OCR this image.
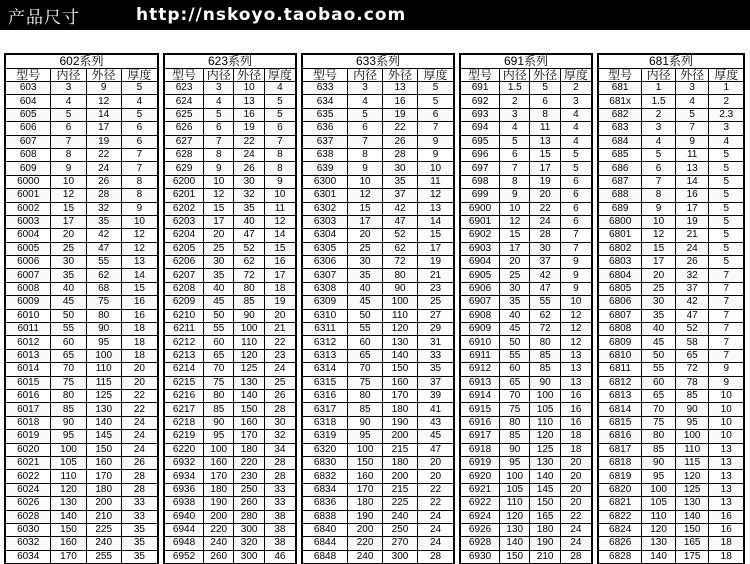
产品尺寸	http://nskoyo.taobao.com
602系列			
型号	内径	外径	厚度
603	3	9	5
604	4	12	4
605	5	14	5
606	6	17	6
607	7	19	6
608	8	22	7
609	9	24	7
6000	10	26	8
6001	12	28	8
6002	15	32	9
6003	17	35	10
6004	20	42	12
6005	25	47	12
6006	30	55	13
6007	35	62	14
6008	40	68	15
6009	45	75	16
6010	50	80	16
6011	55	90	18
6012	60	95	18
6013	65	100	18
6014	70	110	20
6015	75	115	20
6016	80	125	22
6017	85	130	22
6018	90	140	24
6019	95	145	24
6020	100	150	24
6021	105	160	26
6022	110	170	28
6024	120	180	28
6026	130	200	33
6028	140	210	33
6030	150	225	35
6032	160	240	35
6034	170	255	35
623系列			
型号	内径	外径	厚度
623	3	10	4
624	4	13	5
625	5	16	5
626	6	19	6
627	7	22	7
628	8	24	8
629	9	26	8
6200	10	30	9
6201	12	32	10
6202	15	35	11
6203	17	40	12
6204	20	47	14
6205	25	52	15
6206	30	62	16
6207	35	72	17
6208	40	80	18
6209	45	85	19
6210	50	90	20
6211	55	100	21
6212	60	110	22
6213	65	120	23
6214	70	125	24
6215	75	130	25
6216	80	140	26
6217	85	150	28
6218	90	160	30
6219	95	170	32
6220	100	180	34
6932	160	220	28
6934	170	230	28
6936	180	250	33
6938	190	260	33
6940	200	280	38
6944	220	300	38
6948	240	320	38
6952	260	300	46
633系列			
型号	内径	外径	厚度
633	3	13	5
634	4	16	5
635	5	19	6
636	6	22	7
637	7	26	9
638	8	28	9
639	9	30	10
6300	10	35	11
6301	12	37	12
6302	15	42	13
6303	17	47	14
6304	20	52	15
6305	25	62	17
6306	30	72	19
6307	35	80	21
6308	40	90	23
6309	45	100	25
6310	50	110	27
6311	55	120	29
6312	60	130	31
6313	65	140	33
6314	70	150	35
6315	75	160	37
6316	80	170	39
6317	85	180	41
6318	90	190	43
6319	95	200	45
6320	100	215	47
6830	150	180	20
6832	160	200	20
6834	170	215	22
6836	180	225	22
6838	190	240	24
6840	200	250	24
6844	220	270	24
6848	240	300	28
691系列			
型号	内径	外径	厚度
691	1.5	5	2
692	2	6	3
693	3	8	4
694	4	11	4
695	5	13	4
696	6	15	5
697	7	17	5
698	8	19	6
699	9	20	6
6900	10	22	6
6901	12	24	6
6902	15	28	7
6903	17	30	7
6904	20	37	9
6905	25	42	9
6906	30	47	9
6907	35	55	10
6908	40	62	12
6909	45	72	12
6910	50	80	12
6911	55	85	13
6912	60	85	13
6913	65	90	13
6914	70	100	16
6915	75	105	16
6916	80	110	16
6917	85	120	18
6918	90	125	18
6919	95	130	20
6920	100	140	20
6921	105	145	20
6922	110	150	20
6924	120	165	22
6926	130	180	24
6928	140	190	24
6930	150	210	28
681系列			
型号	内径	外径	厚度
681	1	3	1
681x	1.5	4	2
682	2	5	2.3
683	3	7	3
684	4	9	4
685	5	11	5
686	6	13	5
687	7	14	5
688	8	16	5
689	9	17	5
6800	10	19	5
6801	12	21	5
6802	15	24	5
6803	17	26	5
6804	20	32	7
6805	25	37	7
6806	30	42	7
6807	35	47	7
6808	40	52	7
6809	45	58	7
6810	50	65	7
6811	55	72	9
6812	60	78	9
6813	65	85	10
6814	70	90	10
6815	75	95	10
6816	80	100	10
6817	85	110	13
6818	90	115	13
6819	95	120	13
6820	100	125	13
6821	105	130	13
6822	110	140	16
6824	120	150	16
6826	130	165	18
6828	140	175	18
